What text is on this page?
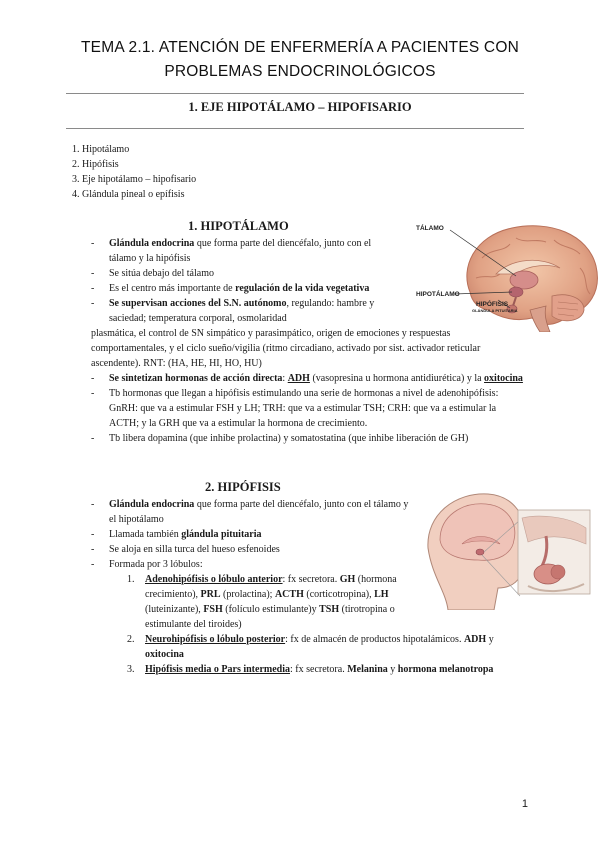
TEMA 2.1. ATENCIÓN DE ENFERMERÍA A PACIENTES CON
PROBLEMAS ENDOCRINOLÓGICOS
1. EJE HIPOTÁLAMO – HIPOFISARIO
1. Hipotálamo
2. Hipófisis
3. Eje hipotálamo – hipofisario
4. Glándula pineal o epífisis
1. HIPOTÁLAMO
- Glándula endocrina que forma parte del diencéfalo, junto con el tálamo y la hipófisis
- Se sitúa debajo del tálamo
- Es el centro más importante de regulación de la vida vegetativa
- Se supervisan acciones del S.N. autónomo, regulando: hambre y saciedad; temperatura corporal, osmolaridad
plasmática, el control de SN simpático y parasimpático, origen de emociones y respuestas comportamentales, y el ciclo sueño/vigilia (ritmo circadiano, activado por sist. activador reticular ascendente). RNT: (HA, HE, HI, HO, HU)
- Se sintetizan hormonas de acción directa: ADH (vasopresina u hormona antidiurética) y la oxitocina
- Tb hormonas que llegan a hipófisis estimulando una serie de hormonas a nivel de adenohipófisis: GnRH: que va a estimular FSH y LH; TRH: que va a estimular TSH; CRH: que va a estimular la ACTH; y la GRH que va a estimular la hormona de crecimiento.
- Tb libera dopamina (que inhibe prolactina) y somatostatina (que inhibe liberación de GH)
TÁLAMO
HIPOTÁLAMO
HIPÓFISIS
GLÁNDULA PITUITARIA
2. HIPÓFISIS
- Glándula endocrina que forma parte del diencéfalo, junto con el tálamo y el hipotálamo
- Llamada también glándula pituitaria
- Se aloja en silla turca del hueso esfenoides
- Formada por 3 lóbulos:
1. Adenohipófisis o lóbulo anterior: fx secretora. GH (hormona crecimiento), PRL (prolactina); ACTH (corticotropina), LH (luteinizante), FSH (folículo estimulante)y TSH (tirotropina o estimulante del tiroides)
2. Neurohipófisis o lóbulo posterior: fx de almacén de productos hipotalámicos. ADH y oxitocina
3. Hipófisis media o Pars intermedia: fx secretora. Melanina y hormona melanotropa
1
